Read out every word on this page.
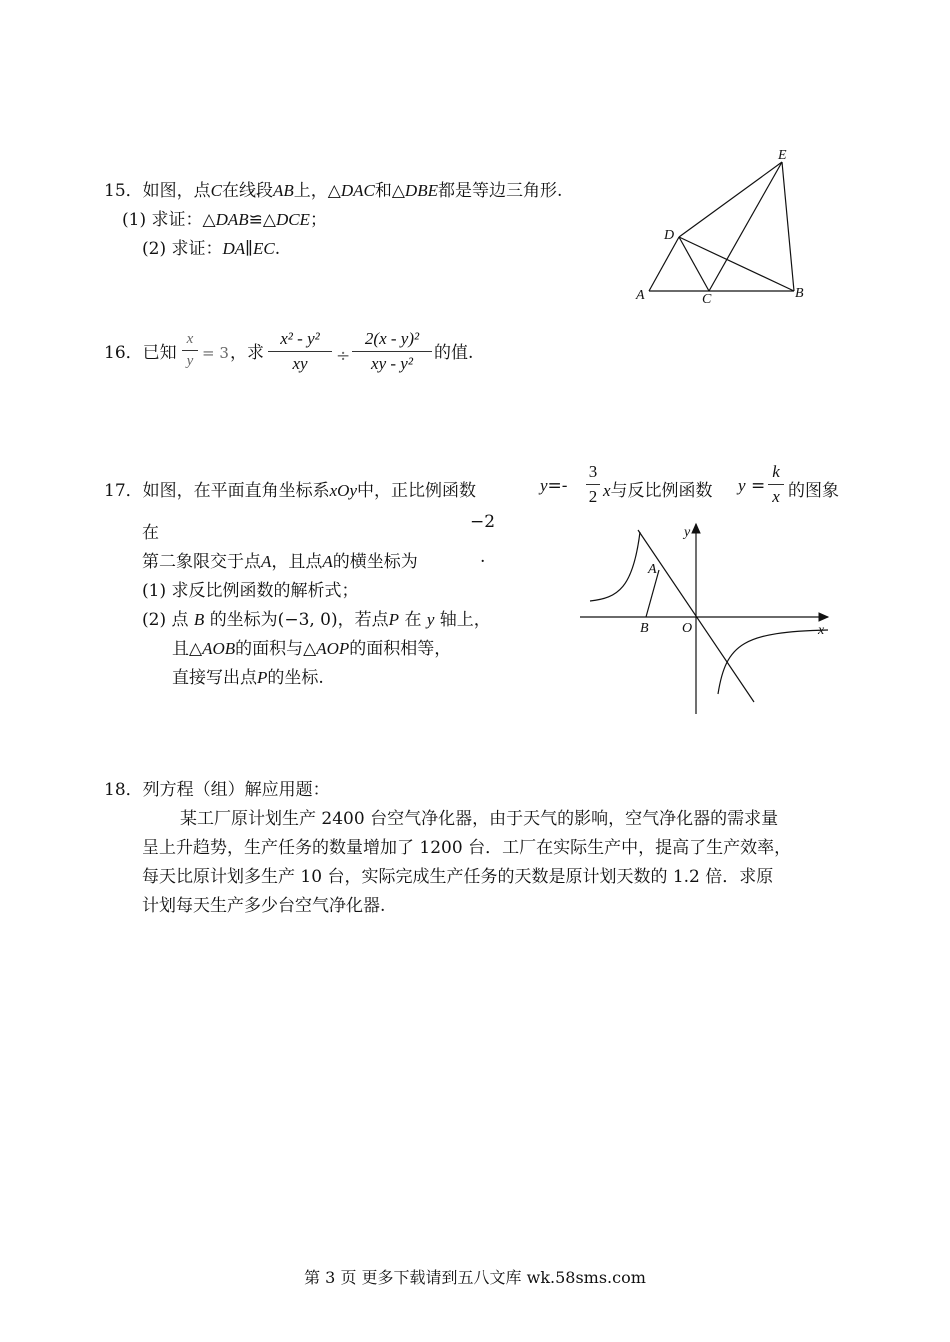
15．如图，点C在线段AB上，△DAC和△DBE都是等边三角形.
(1) 求证：△DAB≌△DCE；
(2) 求证：DA∥EC.
E
D
A	C	B
16．已知
x
y = 3 ，求
x² - y²
xy	÷
2(x - y)²
xy - y²
的值.
17．如图，在平面直角坐标系xOy中，正比例函数	y=-
3
2 x与反比例函数 y =
k
x 的图象
在
−2
第二象限交于点A，且点A的横坐标为	.
(1) 求反比例函数的解析式；
(2) 点 B 的坐标为(−3, 0)，若点P 在 y 轴上，
且△AOB的面积与△AOP的面积相等，
直接写出点P的坐标.
y
x
A
B O
18．列方程（组）解应用题：
某工厂原计划生产 2400 台空气净化器，由于天气的影响，空气净化器的需求量
呈上升趋势，生产任务的数量增加了 1200 台．工厂在实际生产中，提高了生产效率，
每天比原计划多生产 10 台，实际完成生产任务的天数是原计划天数的 1.2 倍．求原
计划每天生产多少台空气净化器.
第 3 页 更多下载请到五八文库 wk.58sms.com
